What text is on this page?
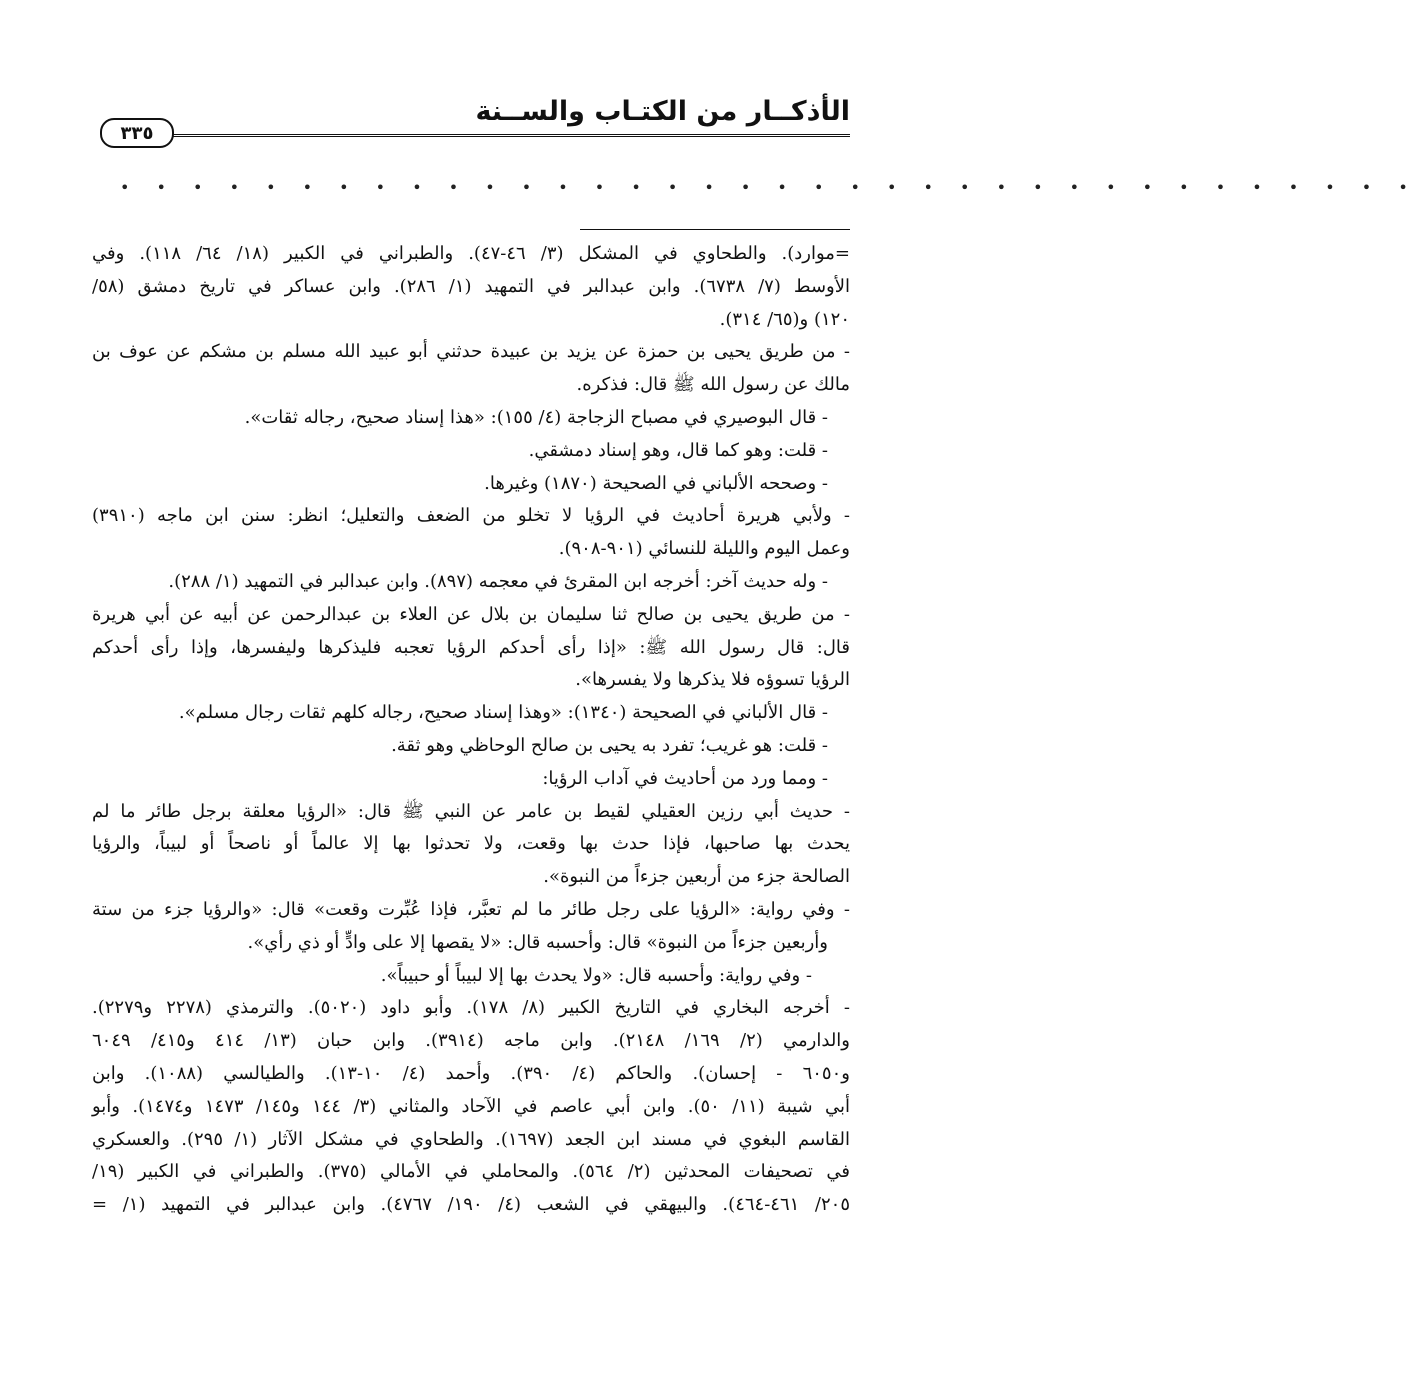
٣٣٥
الأذكــار من الكتـاب والســنة
• • • • • • • • • • • • • • • • • • • • • • • • • • • • • • • • • • • •
=موارد). والطحاوي في المشكل (٣/ ٤٦-٤٧). والطبراني في الكبير (١٨/ ٦٤/ ١١٨). وفي
الأوسط (٧/ ٦٧٣٨). وابن عبدالبر في التمهيد (١/ ٢٨٦). وابن عساكر في تاريخ دمشق (٥٨/
١٢٠) و(٦٥/ ٣١٤).
- من طريق يحيى بن حمزة عن يزيد بن عبيدة حدثني أبو عبيد الله مسلم بن مشكم عن عوف بن
مالك عن رسول الله ﷺ قال: فذكره.
- قال البوصيري في مصباح الزجاجة (٤/ ١٥٥): «هذا إسناد صحيح، رجاله ثقات».
- قلت: وهو كما قال، وهو إسناد دمشقي.
- وصححه الألباني في الصحيحة (١٨٧٠) وغيرها.
- ولأبي هريرة أحاديث في الرؤيا لا تخلو من الضعف والتعليل؛ انظر: سنن ابن ماجه (٣٩١٠)
وعمل اليوم والليلة للنسائي (٩٠١-٩٠٨).
- وله حديث آخر: أخرجه ابن المقرئ في معجمه (٨٩٧). وابن عبدالبر في التمهيد (١/ ٢٨٨).
- من طريق يحيى بن صالح ثنا سليمان بن بلال عن العلاء بن عبدالرحمن عن أبيه عن أبي هريرة
قال: قال رسول الله ﷺ: «إذا رأى أحدكم الرؤيا تعجبه فليذكرها وليفسرها، وإذا رأى أحدكم
الرؤيا تسوؤه فلا يذكرها ولا يفسرها».
- قال الألباني في الصحيحة (١٣٤٠): «وهذا إسناد صحيح، رجاله كلهم ثقات رجال مسلم».
- قلت: هو غريب؛ تفرد به يحيى بن صالح الوحاظي وهو ثقة.
- ومما ورد من أحاديث في آداب الرؤيا:
- حديث أبي رزين العقيلي لقيط بن عامر عن النبي ﷺ قال: «الرؤيا معلقة برجل طائر ما لم
يحدث بها صاحبها، فإذا حدث بها وقعت، ولا تحدثوا بها إلا عالماً أو ناصحاً أو لبيباً، والرؤيا
الصالحة جزء من أربعين جزءاً من النبوة».
- وفي رواية: «الرؤيا على رجل طائر ما لم تعبَّر، فإذا عُبِّرت وقعت» قال: «والرؤيا جزء من ستة
وأربعين جزءاً من النبوة» قال: وأحسبه قال: «لا يقصها إلا على وادٍّ أو ذي رأي».
- وفي رواية: وأحسبه قال: «ولا يحدث بها إلا لبيباً أو حبيباً».
- أخرجه البخاري في التاريخ الكبير (٨/ ١٧٨). وأبو داود (٥٠٢٠). والترمذي (٢٢٧٨ و٢٢٧٩).
والدارمي (٢/ ١٦٩/ ٢١٤٨). وابن ماجه (٣٩١٤). وابن حبان (١٣/ ٤١٤ و٤١٥/ ٦٠٤٩
و٦٠٥٠ - إحسان). والحاكم (٤/ ٣٩٠). وأحمد (٤/ ١٠-١٣). والطيالسي (١٠٨٨). وابن
أبي شيبة (١١/ ٥٠). وابن أبي عاصم في الآحاد والمثاني (٣/ ١٤٤ و١٤٥/ ١٤٧٣ و١٤٧٤). وأبو
القاسم البغوي في مسند ابن الجعد (١٦٩٧). والطحاوي في مشكل الآثار (١/ ٢٩٥). والعسكري
في تصحيفات المحدثين (٢/ ٥٦٤). والمحاملي في الأمالي (٣٧٥). والطبراني في الكبير (١٩/
٢٠٥/ ٤٦١-٤٦٤). والبيهقي في الشعب (٤/ ١٩٠/ ٤٧٦٧). وابن عبدالبر في التمهيد (١/ =
